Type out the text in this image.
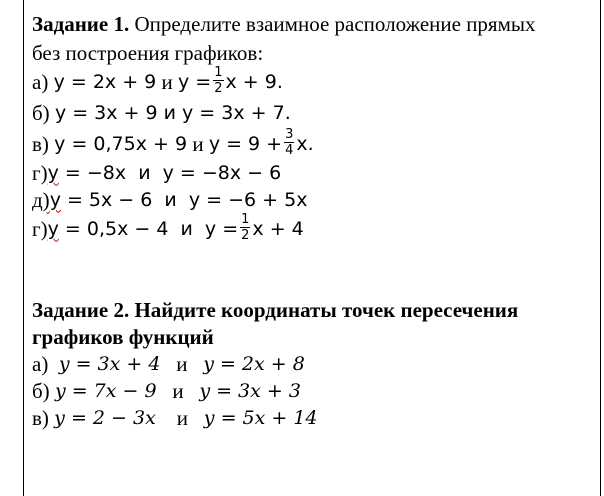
Задание 1.
Определите взаимное расположение прямых
без построения графиков:
а)
y = 2x + 9
и
$y = \frac{1}{2}$ x + 9.
б)
y = 3x + 9 и y = 3x + 7.
в)
y = 0,75x + 9
и
$y = 9 + \frac{3}{4} x$.
г) y = −8x  и  y = −8x − 6
д) y = 5x − 6  и  y = −6 + 5x
г) y = 0,5x − 4  и  $y = \frac{1}{2}$ x + 4
Задание 2. Найдите координаты точек пересечения
графиков функций
а)
y = 3x + 4
и
y = 2x + 8
б)
y = 7x − 9
и
y = 3x + 3
в)
y = 2 − 3x
и
y = 5x + 14
